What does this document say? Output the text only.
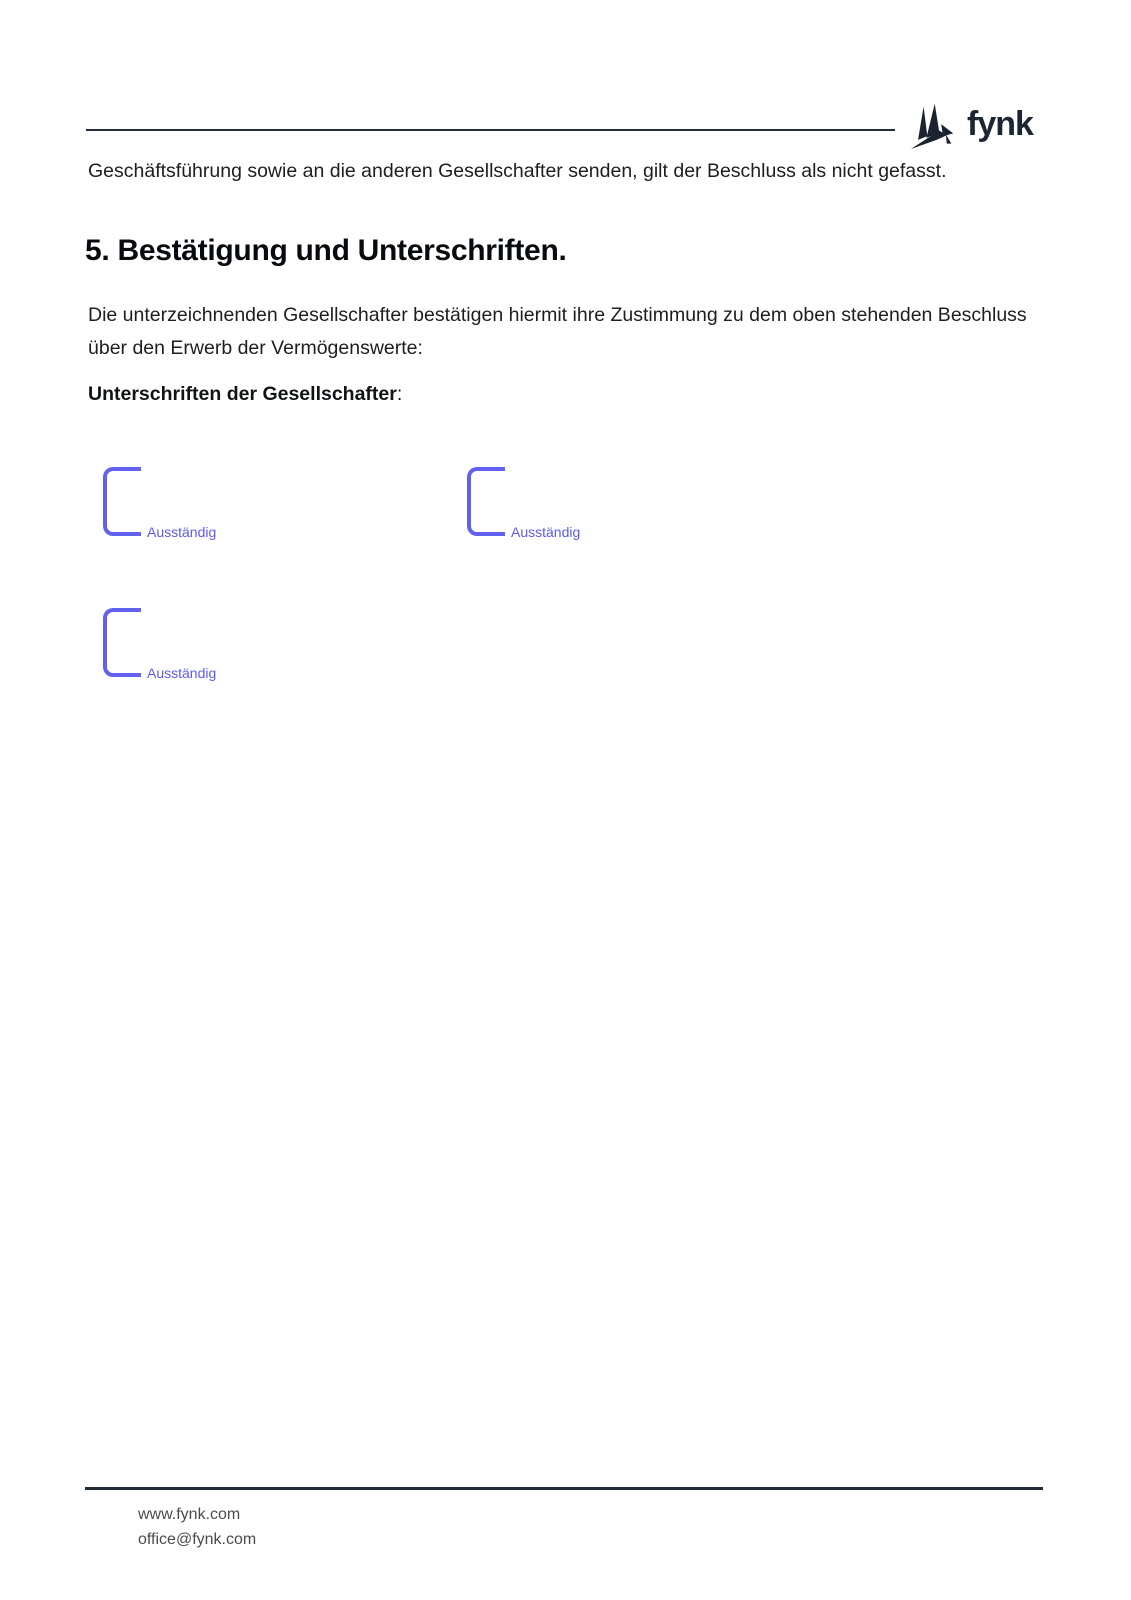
fynk

Geschäftsführung sowie an die anderen Gesellschafter senden, gilt der Beschluss als nicht gefasst.

5. Bestätigung und Unterschriften.

Die unterzeichnenden Gesellschafter bestätigen hiermit ihre Zustimmung zu dem oben stehenden Beschluss über den Erwerb der Vermögenswerte:

Unterschriften der Gesellschafter:

Ausständig	Ausständig
Ausständig
www.fynk.com
office@fynk.com
